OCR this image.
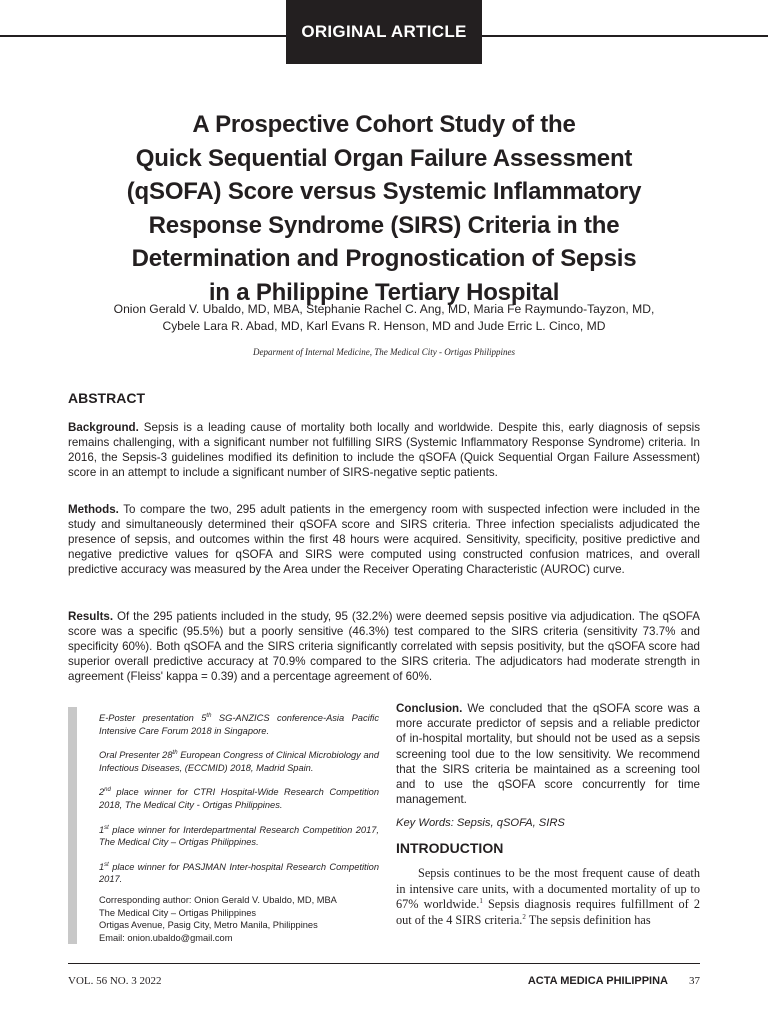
ORIGINAL ARTICLE
A Prospective Cohort Study of the
Quick Sequential Organ Failure Assessment
(qSOFA) Score versus Systemic Inflammatory
Response Syndrome (SIRS) Criteria in the
Determination and Prognostication of Sepsis
in a Philippine Tertiary Hospital
Onion Gerald V. Ubaldo, MD, MBA, Stephanie Rachel C. Ang, MD, Maria Fe Raymundo-Tayzon, MD,
Cybele Lara R. Abad, MD, Karl Evans R. Henson, MD and Jude Erric L. Cinco, MD
Deparment of Internal Medicine, The Medical City - Ortigas Philippines
ABSTRACT

Background. Sepsis is a leading cause of mortality both locally and worldwide. Despite this, early diagnosis of sepsis remains challenging, with a significant number not fulfilling SIRS (Systemic Inflammatory Response Syndrome) criteria. In 2016, the Sepsis-3 guidelines modified its definition to include the qSOFA (Quick Sequential Organ Failure Assessment) score in an attempt to include a significant number of SIRS-negative septic patients.

Methods. To compare the two, 295 adult patients in the emergency room with suspected infection were included in the study and simultaneously determined their qSOFA score and SIRS criteria. Three infection specialists adjudicated the presence of sepsis, and outcomes within the first 48 hours were acquired. Sensitivity, specificity, positive predictive and negative predictive values for qSOFA and SIRS were computed using constructed confusion matrices, and overall predictive accuracy was measured by the Area under the Receiver Operating Characteristic (AUROC) curve.

Results. Of the 295 patients included in the study, 95 (32.2%) were deemed sepsis positive via adjudication. The qSOFA score was a specific (95.5%) but a poorly sensitive (46.3%) test compared to the SIRS criteria (sensitivity 73.7% and specificity 60%). Both qSOFA and the SIRS criteria significantly correlated with sepsis positivity, but the qSOFA score had superior overall predictive accuracy at 70.9% compared to the SIRS criteria. The adjudicators had moderate strength in agreement (Fleiss' kappa = 0.39) and a percentage agreement of 60%.

E-Poster presentation 5th SG-ANZICS conference-Asia Pacific Intensive Care Forum 2018 in Singapore.

Oral Presenter 28th European Congress of Clinical Microbiology and Infectious Diseases, (ECCMID) 2018, Madrid Spain.

2nd place winner for CTRI Hospital-Wide Research Competition 2018, The Medical City - Ortigas Philippines.

1st place winner for Interdepartmental Research Competition 2017, The Medical City – Ortigas Philippines.

1st place winner for PASJMAN Inter-hospital Research Competition 2017.

Corresponding author: Onion Gerald V. Ubaldo, MD, MBA
The Medical City – Ortigas Philippines
Ortigas Avenue, Pasig City, Metro Manila, Philippines
Email: onion.ubaldo@gmail.com

Conclusion. We concluded that the qSOFA score was a more accurate predictor of sepsis and a reliable predictor of in-hospital mortality, but should not be used as a sepsis screening tool due to the low sensitivity. We recommend that the SIRS criteria be maintained as a screening tool and to use the qSOFA score concurrently for time management.

Key Words: Sepsis, qSOFA, SIRS

INTRODUCTION

Sepsis continues to be the most frequent cause of death in intensive care units, with a documented mortality of up to 67% worldwide.$^1$ Sepsis diagnosis requires fulfillment of 2 out of the 4 SIRS criteria.$^2$ The sepsis definition has

VOL. 56 NO. 3 2022	ACTA MEDICA PHILIPPINA 37
